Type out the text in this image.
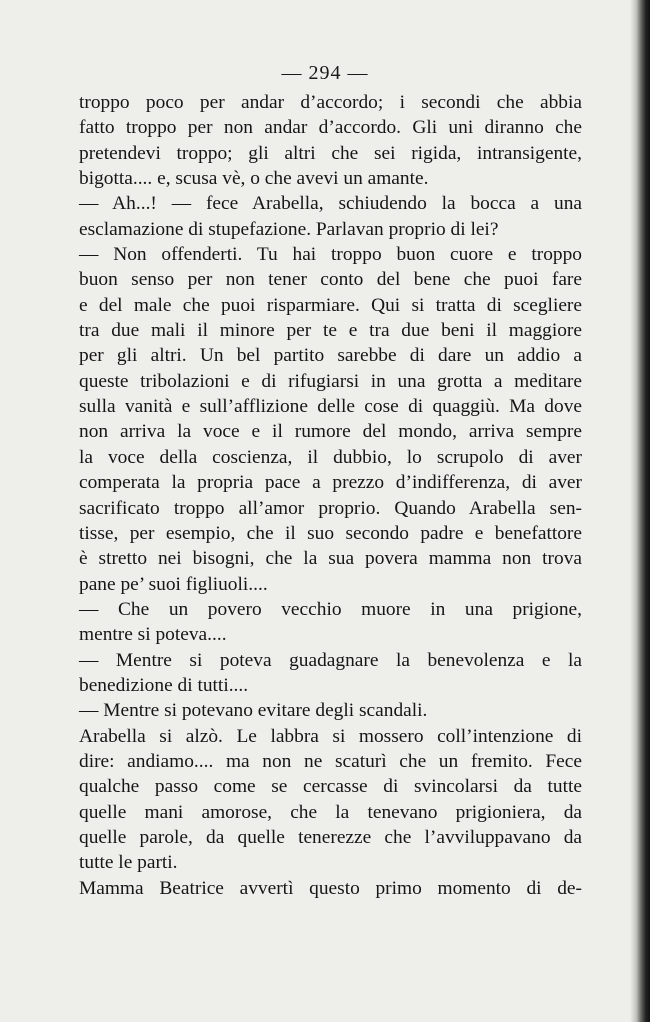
— 294 —
troppo poco per andar d’accordo; i secondi che abbia
fatto troppo per non andar d’accordo. Gli uni diranno che
pretendevi troppo; gli altri che sei rigida, intransigente,
bigotta.... e, scusa vè, o che avevi un amante.
— Ah...! — fece Arabella, schiudendo la bocca a una
esclamazione di stupefazione. Parlavan proprio di lei?
— Non offenderti. Tu hai troppo buon cuore e troppo
buon senso per non tener conto del bene che puoi fare
e del male che puoi risparmiare. Qui si tratta di scegliere
tra due mali il minore per te e tra due beni il maggiore
per gli altri. Un bel partito sarebbe di dare un addio a
queste tribolazioni e di rifugiarsi in una grotta a meditare
sulla vanità e sull’afflizione delle cose di quaggiù. Ma dove
non arriva la voce e il rumore del mondo, arriva sempre
la voce della coscienza, il dubbio, lo scrupolo di aver
comperata la propria pace a prezzo d’indifferenza, di aver
sacrificato troppo all’amor proprio. Quando Arabella sen-
tisse, per esempio, che il suo secondo padre e benefattore
è stretto nei bisogni, che la sua povera mamma non trova
pane pe’ suoi figliuoli....
— Che un povero vecchio muore in una prigione,
mentre si poteva....
— Mentre si poteva guadagnare la benevolenza e la
benedizione di tutti....
— Mentre si potevano evitare degli scandali.
Arabella si alzò. Le labbra si mossero coll’intenzione di
dire: andiamo.... ma non ne scaturì che un fremito. Fece
qualche passo come se cercasse di svincolarsi da tutte
quelle mani amorose, che la tenevano prigioniera, da
quelle parole, da quelle tenerezze che l’avviluppavano da
tutte le parti.
Mamma Beatrice avvertì questo primo momento di de-
